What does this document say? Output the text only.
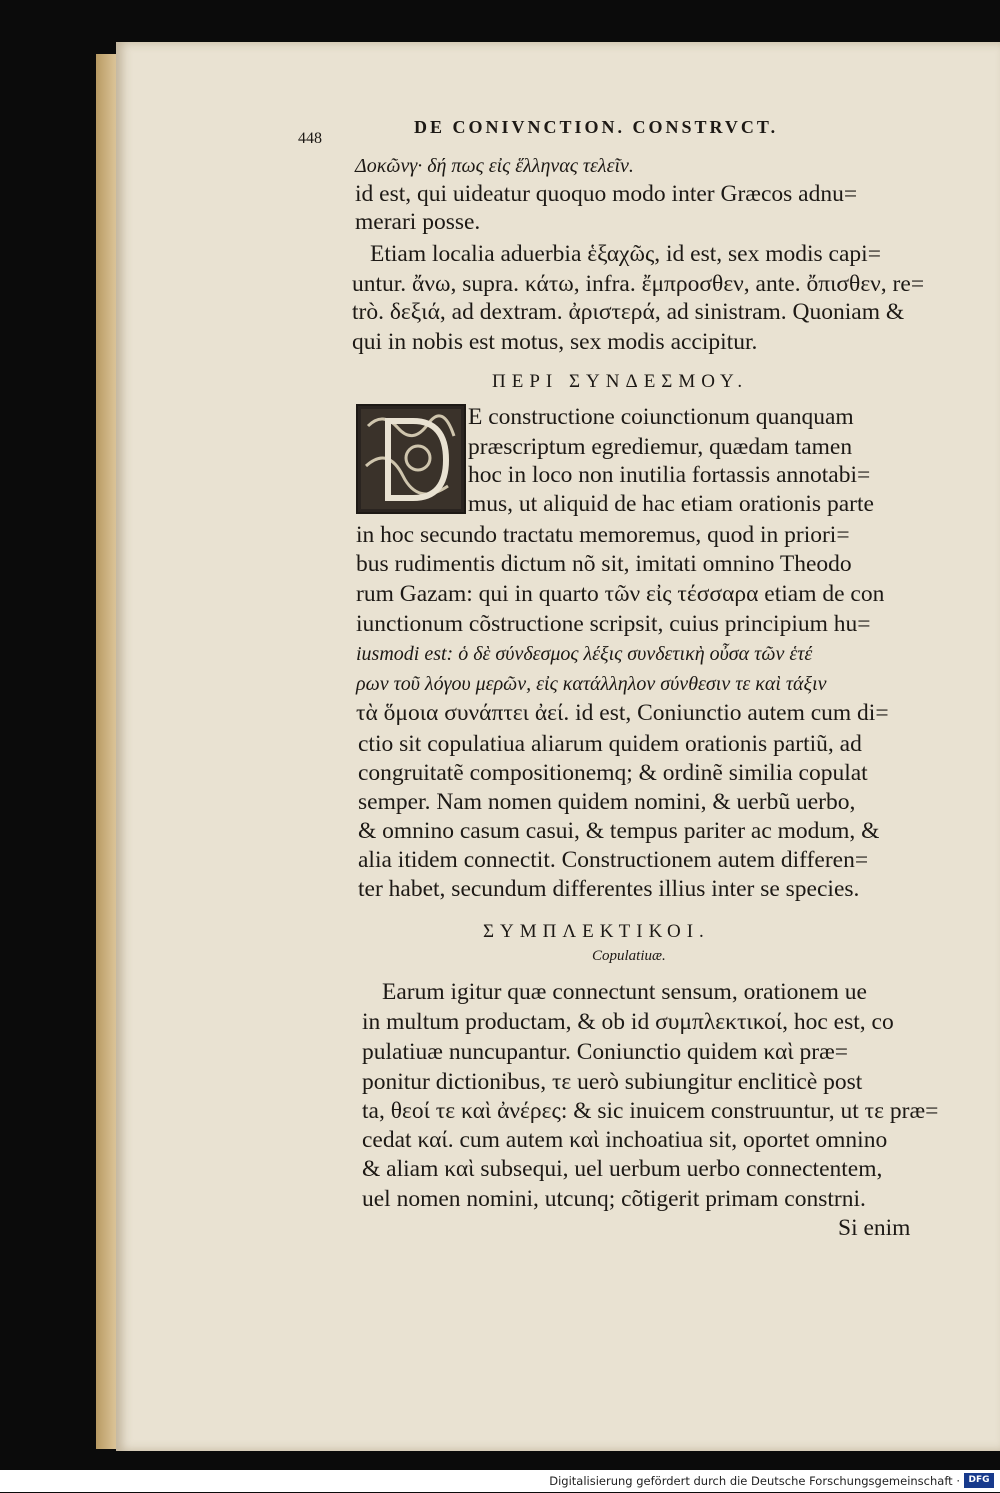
448
DE CONIVNCTION. CONSTRVCT.
Δοκῶνγ· δή πως εἰς ἕλληνας τελεῖν.
id est, qui uideatur quoquo modo inter Græcos adnu=
merari posse.
Etiam localia aduerbia ἑξαχῶς, id est, sex modis capi=
untur. ἄνω, supra. κάτω, infra. ἔμπροσθεν, ante. ὄπισθεν, re=
trò. δεξιά, ad dextram. ἀριστερά, ad sinistram. Quoniam &
qui in nobis est motus, sex modis accipitur.
ΠΕΡΙ ΣΥΝΔΕΣΜΟΥ.
E constructione coiunctionum quanquam
præscriptum egrediemur, quædam tamen
hoc in loco non inutilia fortassis annotabi=
mus, ut aliquid de hac etiam orationis parte
in hoc secundo tractatu memoremus, quod in priori=
bus rudimentis dictum nõ sit, imitati omnino Theodo
rum Gazam: qui in quarto τῶν εἰς τέσσαρα etiam de con
iunctionum cõstructione scripsit, cuius principium hu=
iusmodi est: ὁ δὲ σύνδεσμος λέξις συνδετικὴ οὖσα τῶν ἑτέ
ρων τοῦ λόγου μερῶν, εἰς κατάλληλον σύνθεσιν τε καὶ τάξιν
τὰ ὅμοια συνάπτει ἀεί. id est, Coniunctio autem cum di=
ctio sit copulatiua aliarum quidem orationis partiũ, ad
congruitatẽ compositionemq; & ordinẽ similia copulat
semper. Nam nomen quidem nomini, & uerbũ uerbo,
& omnino casum casui, & tempus pariter ac modum, &
alia itidem connectit. Constructionem autem differen=
ter habet, secundum differentes illius inter se species.
ΣΥΜΠΛΕΚΤΙΚΟΙ.
Copulatiuæ.
Earum igitur quæ connectunt sensum, orationem ue
in multum productam, & ob id συμπλεκτικοί, hoc est, co
pulatiuæ nuncupantur. Coniunctio quidem καὶ præ=
ponitur dictionibus, τε uerò subiungitur encliticè post
ta, θεοί τε καὶ ἀνέρες: & sic inuicem construuntur, ut τε præ=
cedat καί. cum autem καὶ inchoatiua sit, oportet omnino
& aliam καὶ subsequi, uel uerbum uerbo connectentem,
uel nomen nomini, utcunq; cõtigerit primam constrni.
Si enim
Digitalisierung gefördert durch die Deutsche Forschungsgemeinschaft · DFG
